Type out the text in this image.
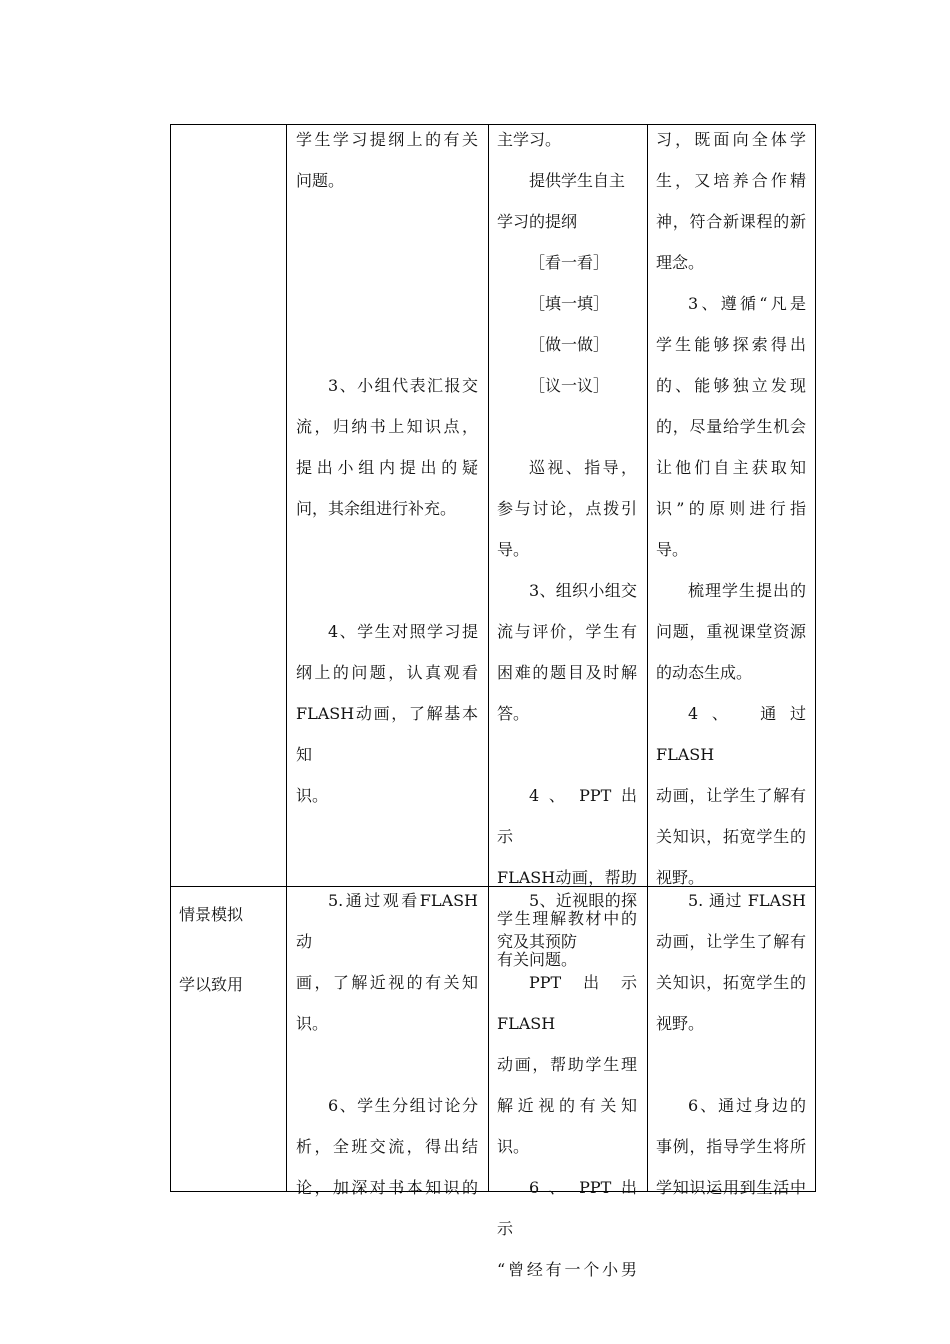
学生学习提纲上的有关

问题。

3、小组代表汇报交

流，归纳书上知识点，

提出小组内提出的疑

问，其余组进行补充。

4、学生对照学习提

纲上的问题，认真观看

FLASH动画，了解基本知

识。

主学习。

提供学生自主

学习的提纲

［看一看］

［填一填］

［做一做］

［议一议］

巡视、指导，

参与讨论，点拨引

导。

3、组织小组交

流与评价，学生有

困难的题目及时解

答。

4 、 PPT 出 示

FLASH动画，帮助

学生理解教材中的

有关问题。

习，既面向全体学

生，又培养合作精

神，符合新课程的新

理念。

3、遵循“凡是

学生能够探索得出

的、能够独立发现

的，尽量给学生机会

让他们自主获取知

识”的原则进行指

导。

梳理学生提出的

问题，重视课堂资源

的动态生成。

4、 通过 FLASH

动画，让学生了解有

关知识，拓宽学生的

视野。

情景模拟

学以致用

5.通过观看FLASH动

画，了解近视的有关知

识。

6、学生分组讨论分

析，全班交流，得出结

论，加深对书本知识的

5、近视眼的探

究及其预防

PPT出示FLASH

动画，帮助学生理

解近视的有关知

识。

6 、 PPT 出 示

“曾经有一个小男

5. 通过 FLASH

动画，让学生了解有

关知识，拓宽学生的

视野。

6、通过身边的

事例，指导学生将所

学知识运用到生活中
